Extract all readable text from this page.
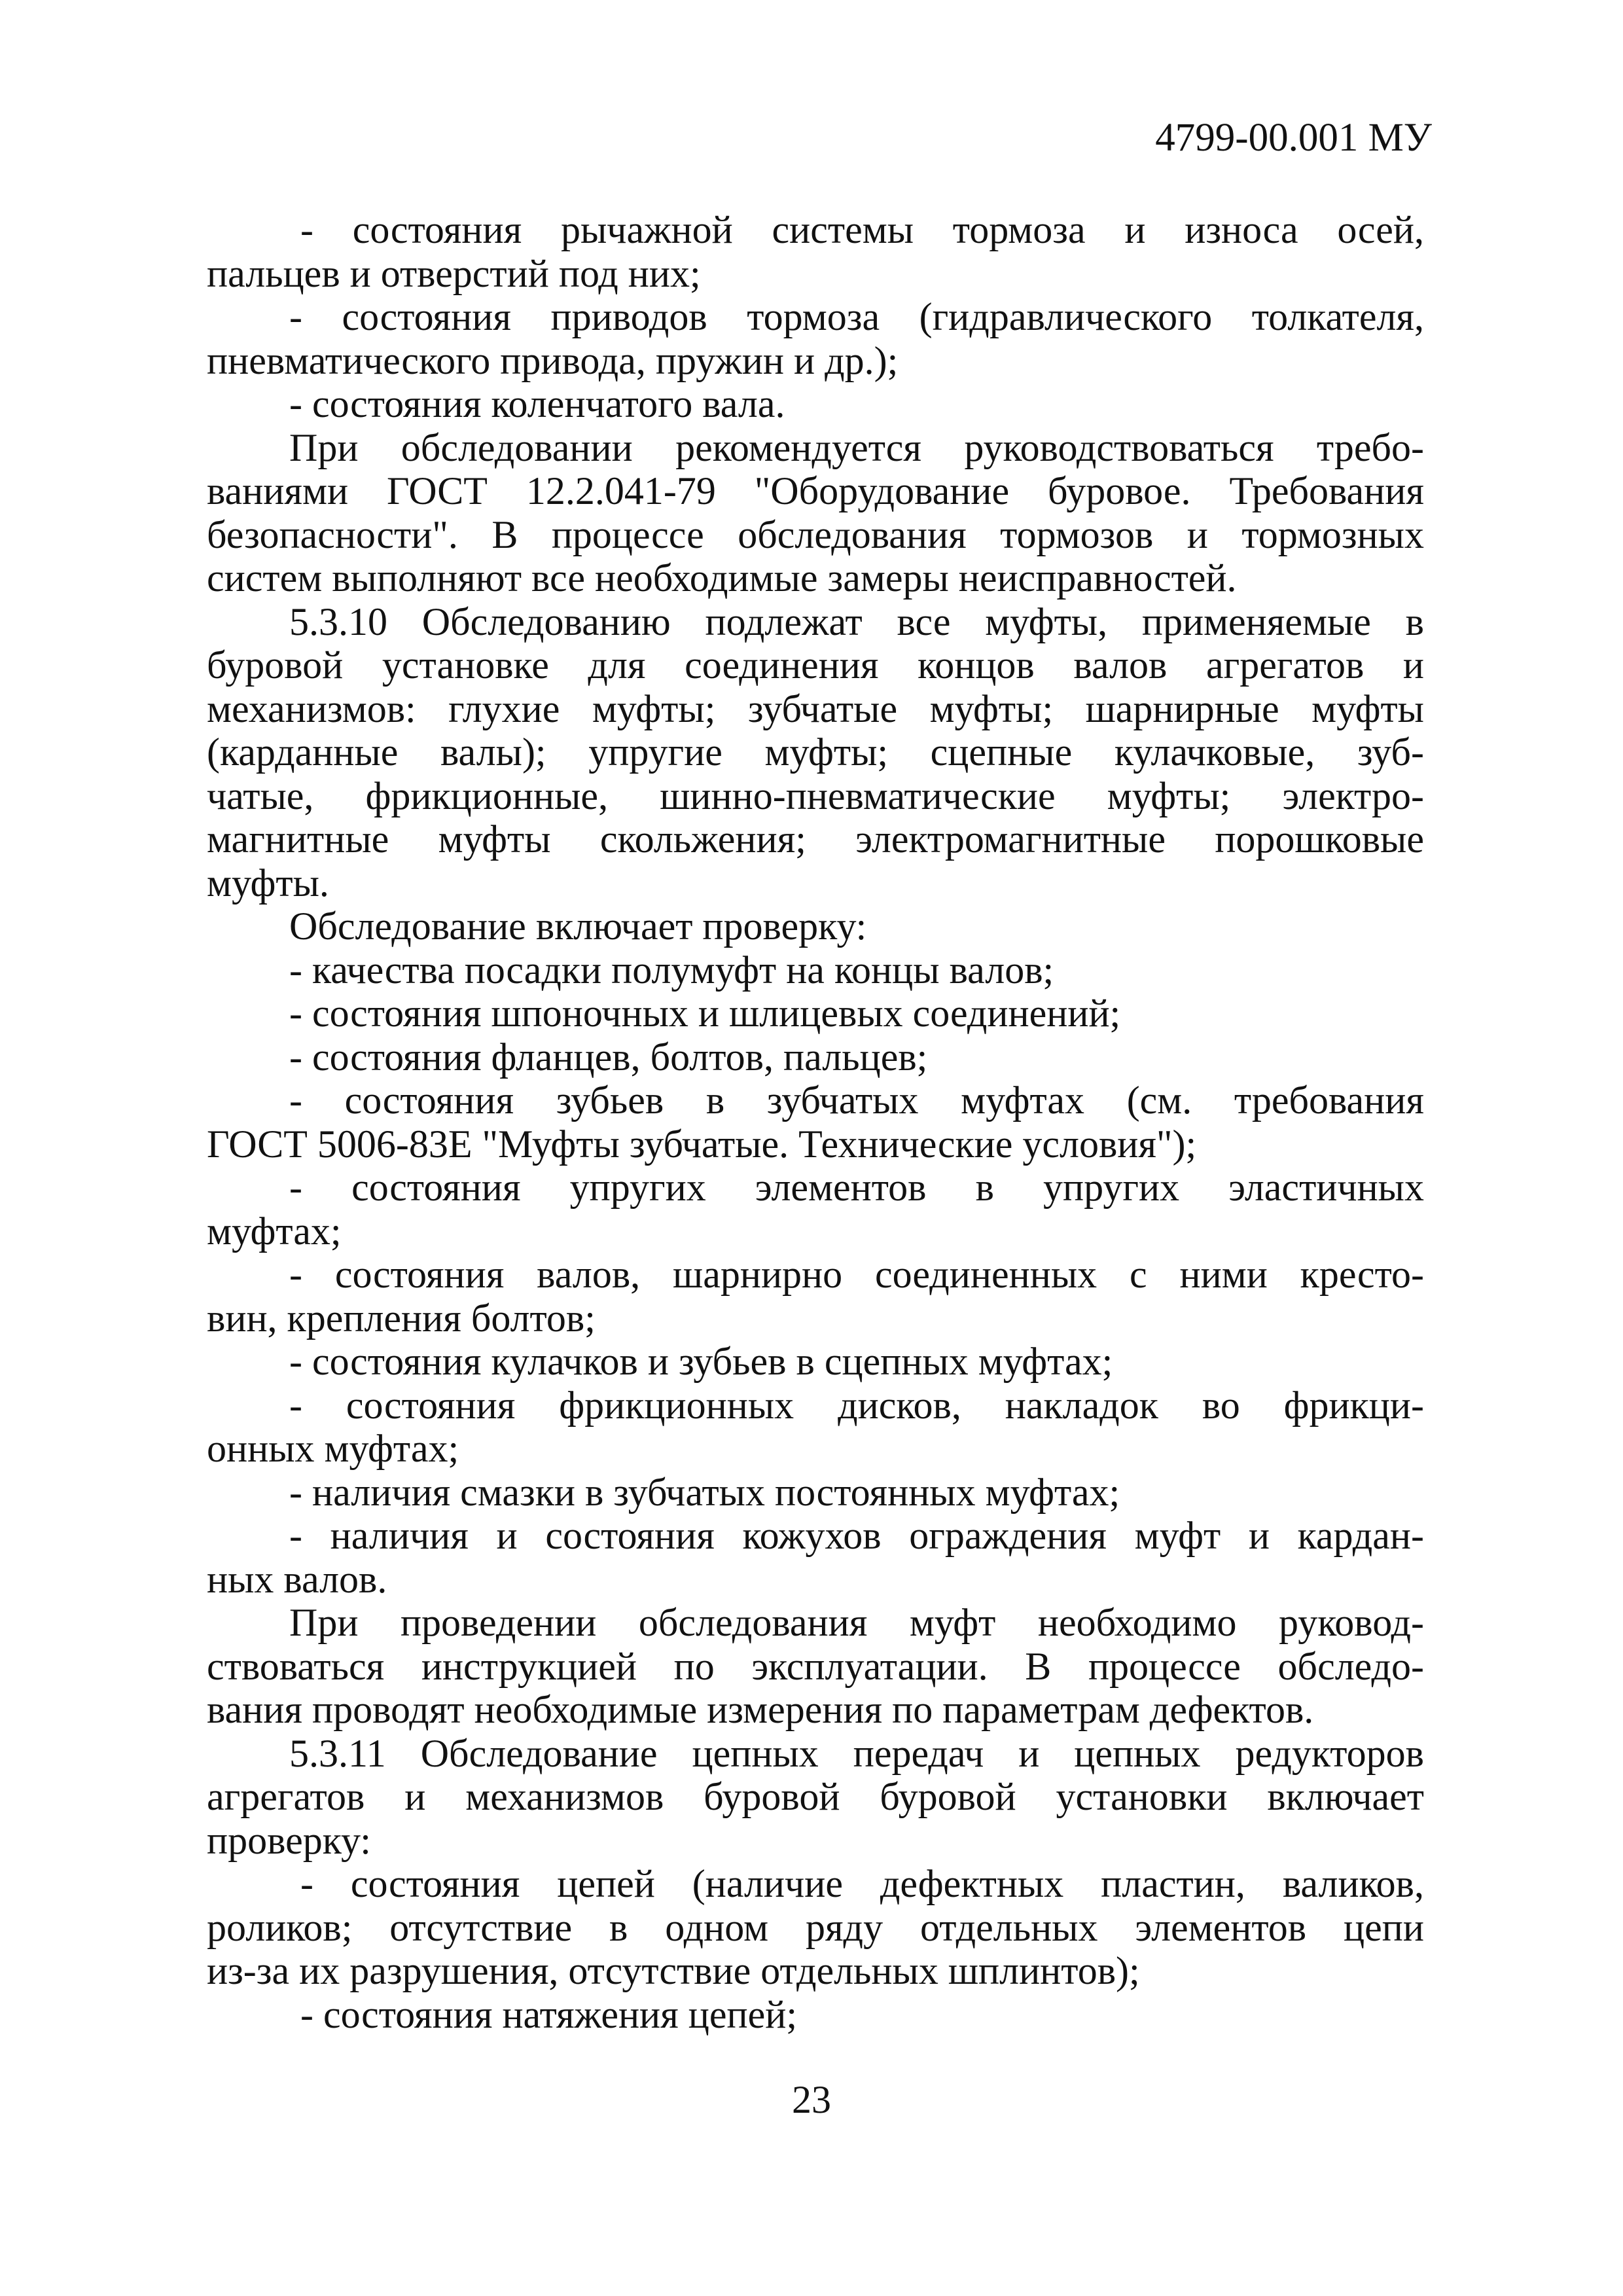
4799-00.001 МУ
- состояния рычажной системы тормоза и износа осей,
пальцев и отверстий под них;
- состояния приводов тормоза (гидравлического толкателя,
пневматического привода, пружин и др.);
- состояния коленчатого вала.
При обследовании рекомендуется руководствоваться требо-
ваниями ГОСТ 12.2.041-79 "Оборудование буровое. Требования
безопасности". В процессе обследования тормозов и тормозных
систем выполняют все необходимые замеры неисправностей.
5.3.10 Обследованию подлежат все муфты, применяемые в
буровой установке для соединения концов валов агрегатов и
механизмов: глухие муфты; зубчатые муфты; шарнирные муфты
(карданные валы); упругие муфты; сцепные кулачковые, зуб-
чатые, фрикционные, шинно-пневматические муфты; электро-
магнитные муфты скольжения; электромагнитные порошковые
муфты.
Обследование включает проверку:
- качества посадки полумуфт на концы валов;
- состояния шпоночных и шлицевых соединений;
- состояния фланцев, болтов, пальцев;
- состояния зубьев в зубчатых муфтах (см. требования
ГОСТ 5006-83Е "Муфты зубчатые. Технические условия");
- состояния упругих элементов в упругих эластичных
муфтах;
- состояния валов, шарнирно соединенных с ними кресто-
вин, крепления болтов;
- состояния кулачков и зубьев в сцепных муфтах;
- состояния фрикционных дисков, накладок во фрикци-
онных муфтах;
- наличия смазки в зубчатых постоянных муфтах;
- наличия и состояния кожухов ограждения муфт и кардан-
ных валов.
При проведении обследования муфт необходимо руковод-
ствоваться инструкцией по эксплуатации. В процессе обследо-
вания проводят необходимые измерения по параметрам дефектов.
5.3.11 Обследование цепных передач и цепных редукторов
агрегатов и механизмов буровой буровой установки включает
проверку:
- состояния цепей (наличие дефектных пластин, валиков,
роликов; отсутствие в одном ряду отдельных элементов цепи
из-за их разрушения, отсутствие отдельных шплинтов);
- состояния натяжения цепей;
23
